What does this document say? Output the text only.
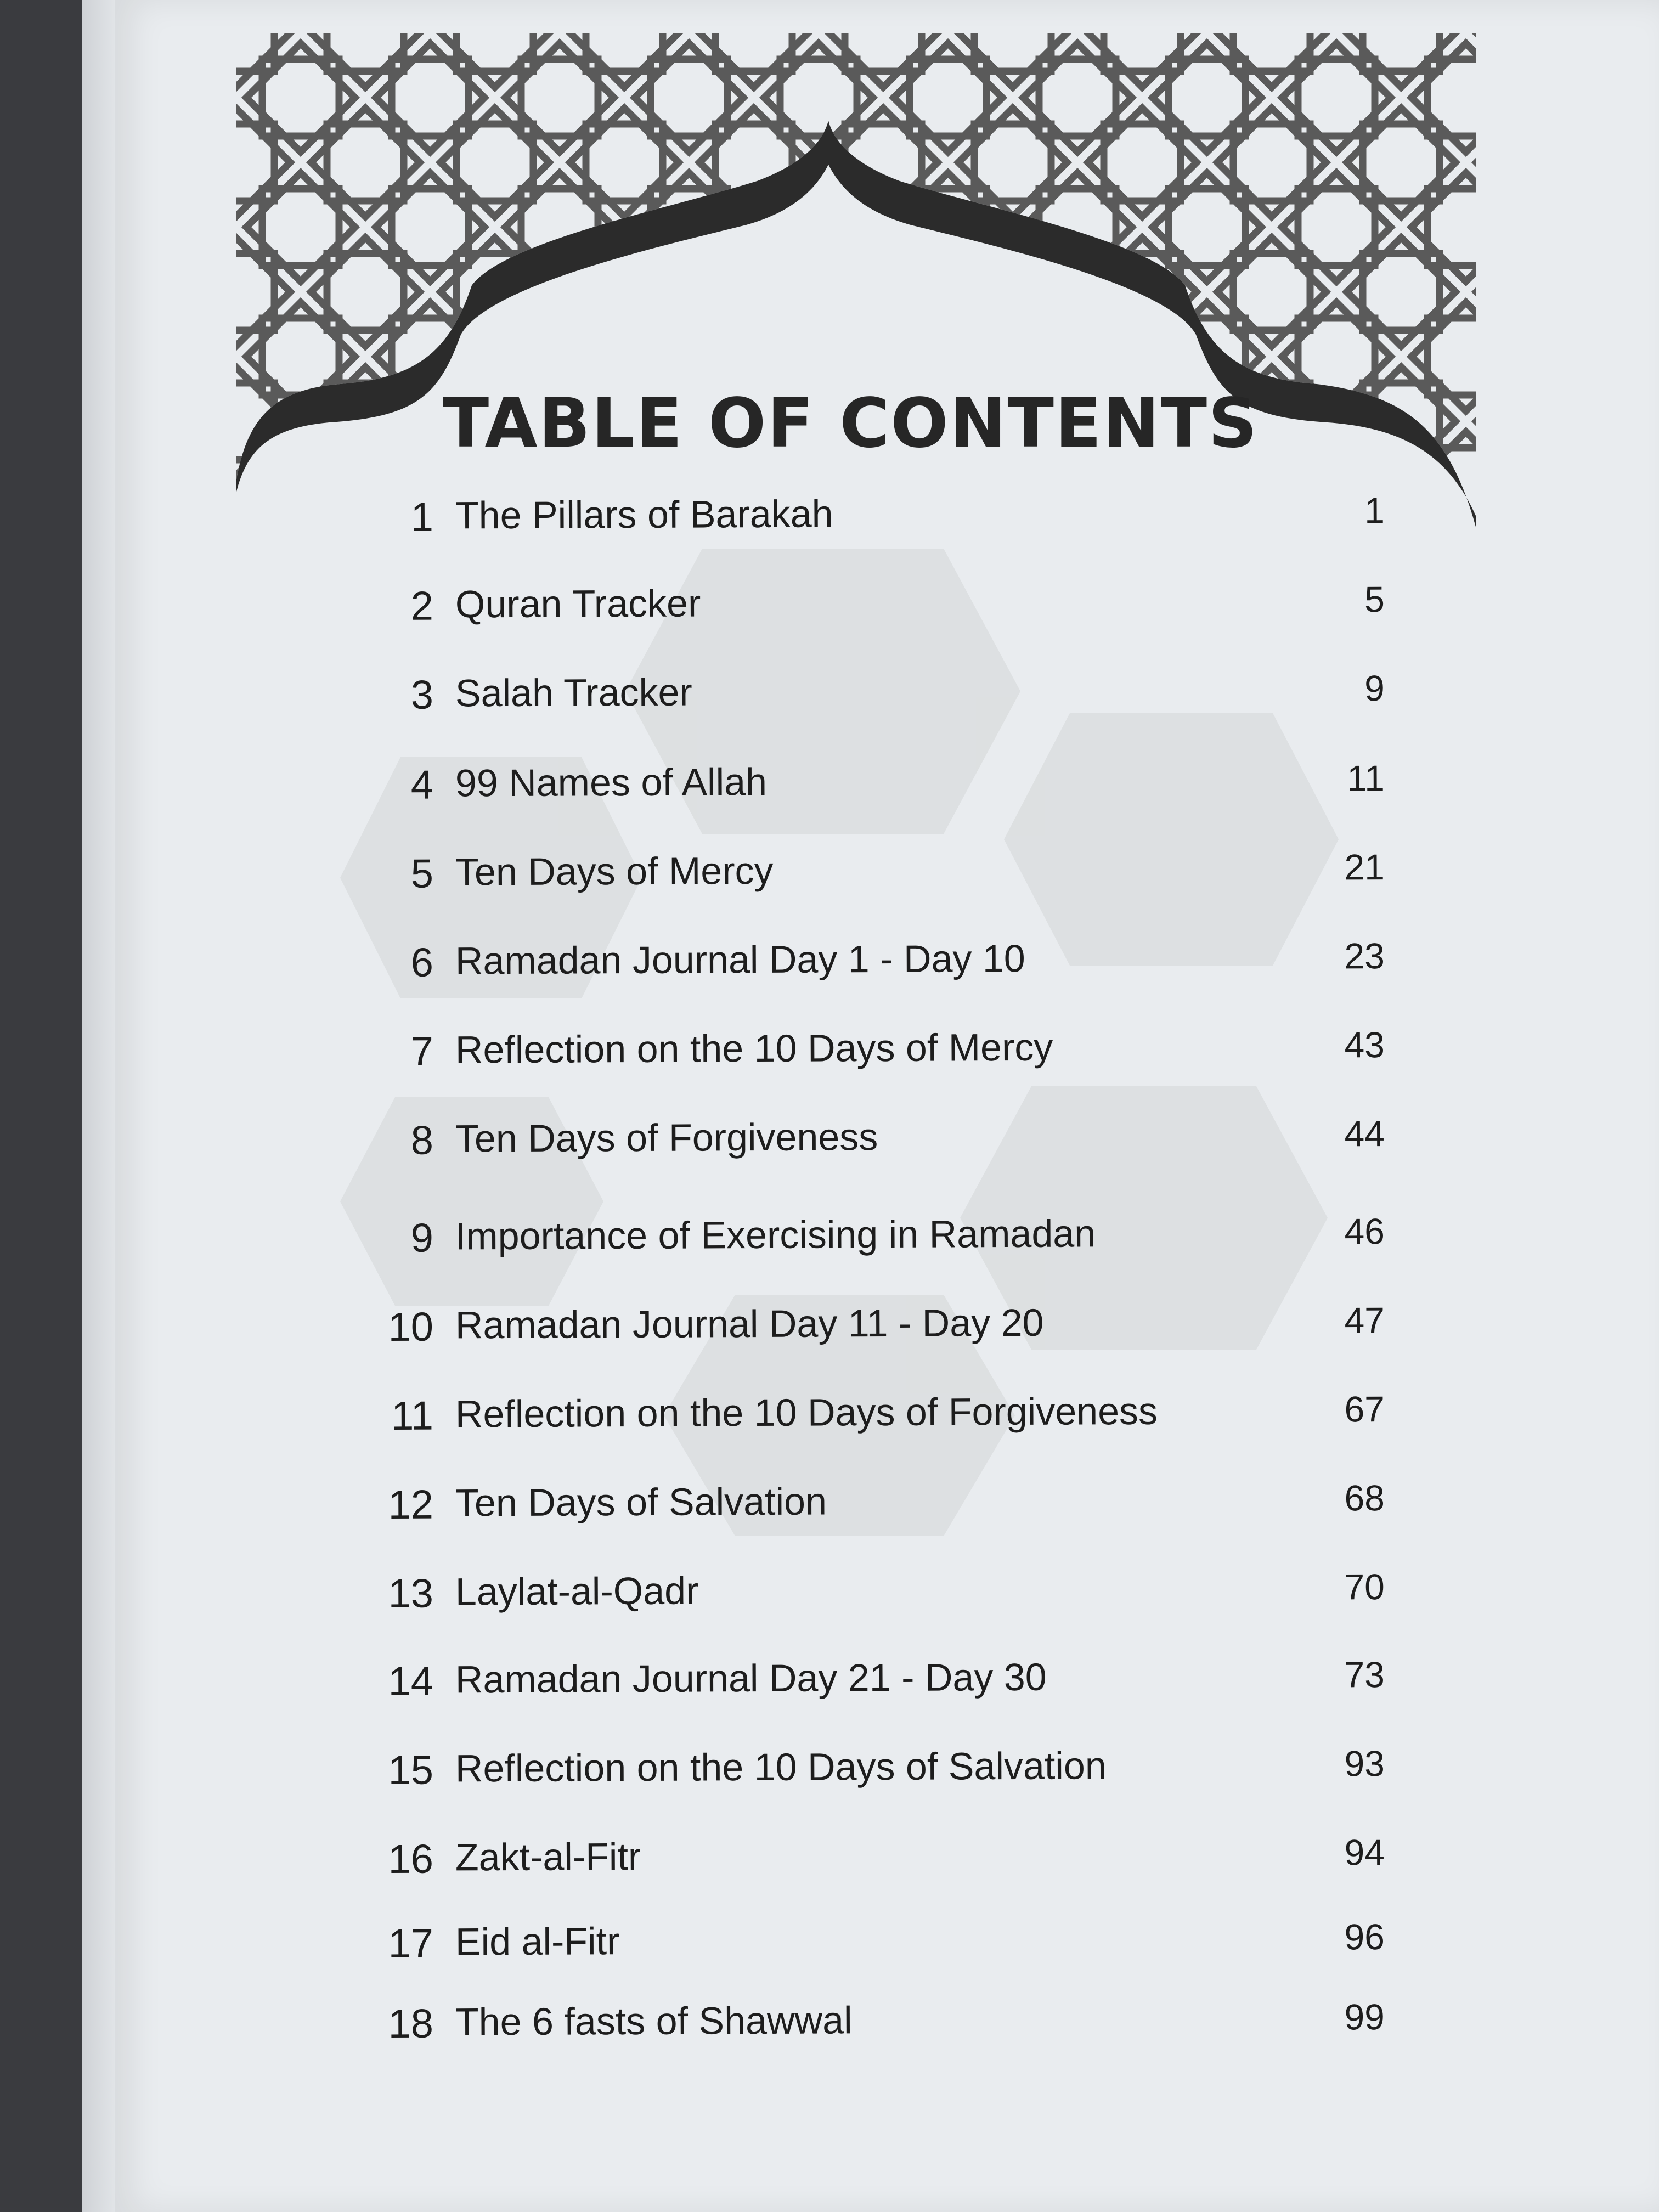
TABLE OF CONTENTS
1 The Pillars of Barakah	1
2 Quran Tracker	5
3 Salah Tracker	9
4 99 Names of Allah	11
5 Ten Days of Mercy	21
6 Ramadan Journal Day 1 - Day 10	23
7 Reflection on the 10 Days of Mercy	43
8 Ten Days of Forgiveness	44
9 Importance of Exercising in Ramadan	46
10 Ramadan Journal Day 11 - Day 20	47
11 Reflection on the 10 Days of Forgiveness	67
12 Ten Days of Salvation	68
13 Laylat-al-Qadr	70
14 Ramadan Journal Day 21 - Day 30	73
15 Reflection on the 10 Days of Salvation	93
16 Zakt-al-Fitr	94
17 Eid al-Fitr	96
18 The 6 fasts of Shawwal	99
